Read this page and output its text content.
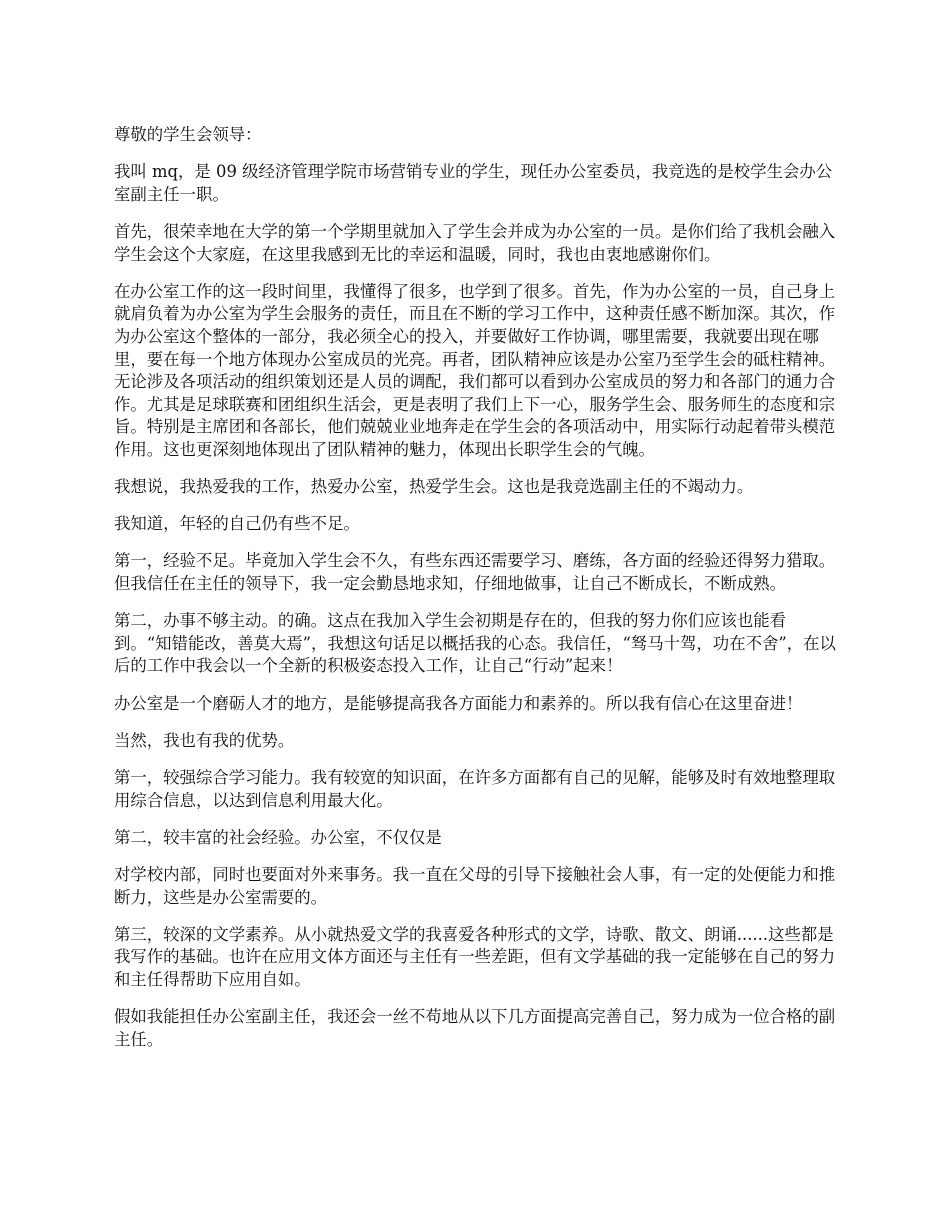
尊敬的学生会领导：

我叫 mq，是 09 级经济管理学院市场营销专业的学生，现任办公室委员，我竞选的是校学生会办公室副主任一职。

首先，很荣幸地在大学的第一个学期里就加入了学生会并成为办公室的一员。是你们给了我机会融入学生会这个大家庭，在这里我感到无比的幸运和温暖，同时，我也由衷地感谢你们。

在办公室工作的这一段时间里，我懂得了很多，也学到了很多。首先，作为办公室的一员，自己身上就肩负着为办公室为学生会服务的责任，而且在不断的学习工作中，这种责任感不断加深。其次，作为办公室这个整体的一部分，我必须全心的投入，并要做好工作协调，哪里需要，我就要出现在哪里，要在每一个地方体现办公室成员的光亮。再者，团队精神应该是办公室乃至学生会的砥柱精神。无论涉及各项活动的组织策划还是人员的调配，我们都可以看到办公室成员的努力和各部门的通力合作。尤其是足球联赛和团组织生活会，更是表明了我们上下一心，服务学生会、服务师生的态度和宗旨。特别是主席团和各部长，他们兢兢业业地奔走在学生会的各项活动中，用实际行动起着带头模范作用。这也更深刻地体现出了团队精神的魅力，体现出长职学生会的气魄。

我想说，我热爱我的工作，热爱办公室，热爱学生会。这也是我竞选副主任的不竭动力。

我知道，年轻的自己仍有些不足。

第一，经验不足。毕竟加入学生会不久，有些东西还需要学习、磨练，各方面的经验还得努力猎取。但我信任在主任的领导下，我一定会勤恳地求知，仔细地做事，让自己不断成长，不断成熟。

第二，办事不够主动。的确。这点在我加入学生会初期是存在的，但我的努力你们应该也能看到。“知错能改，善莫大焉”，我想这句话足以概括我的心态。我信任，“驽马十驾，功在不舍”，在以后的工作中我会以一个全新的积极姿态投入工作，让自己“行动”起来！

办公室是一个磨砺人才的地方，是能够提高我各方面能力和素养的。所以我有信心在这里奋进！

当然，我也有我的优势。

第一，较强综合学习能力。我有较宽的知识面，在许多方面都有自己的见解，能够及时有效地整理取用综合信息，以达到信息利用最大化。

第二，较丰富的社会经验。办公室，不仅仅是

对学校内部，同时也要面对外来事务。我一直在父母的引导下接触社会人事，有一定的处便能力和推断力，这些是办公室需要的。

第三，较深的文学素养。从小就热爱文学的我喜爱各种形式的文学，诗歌、散文、朗诵......这些都是我写作的基础。也许在应用文体方面还与主任有一些差距，但有文学基础的我一定能够在自己的努力和主任得帮助下应用自如。

假如我能担任办公室副主任，我还会一丝不苟地从以下几方面提高完善自己，努力成为一位合格的副主任。
